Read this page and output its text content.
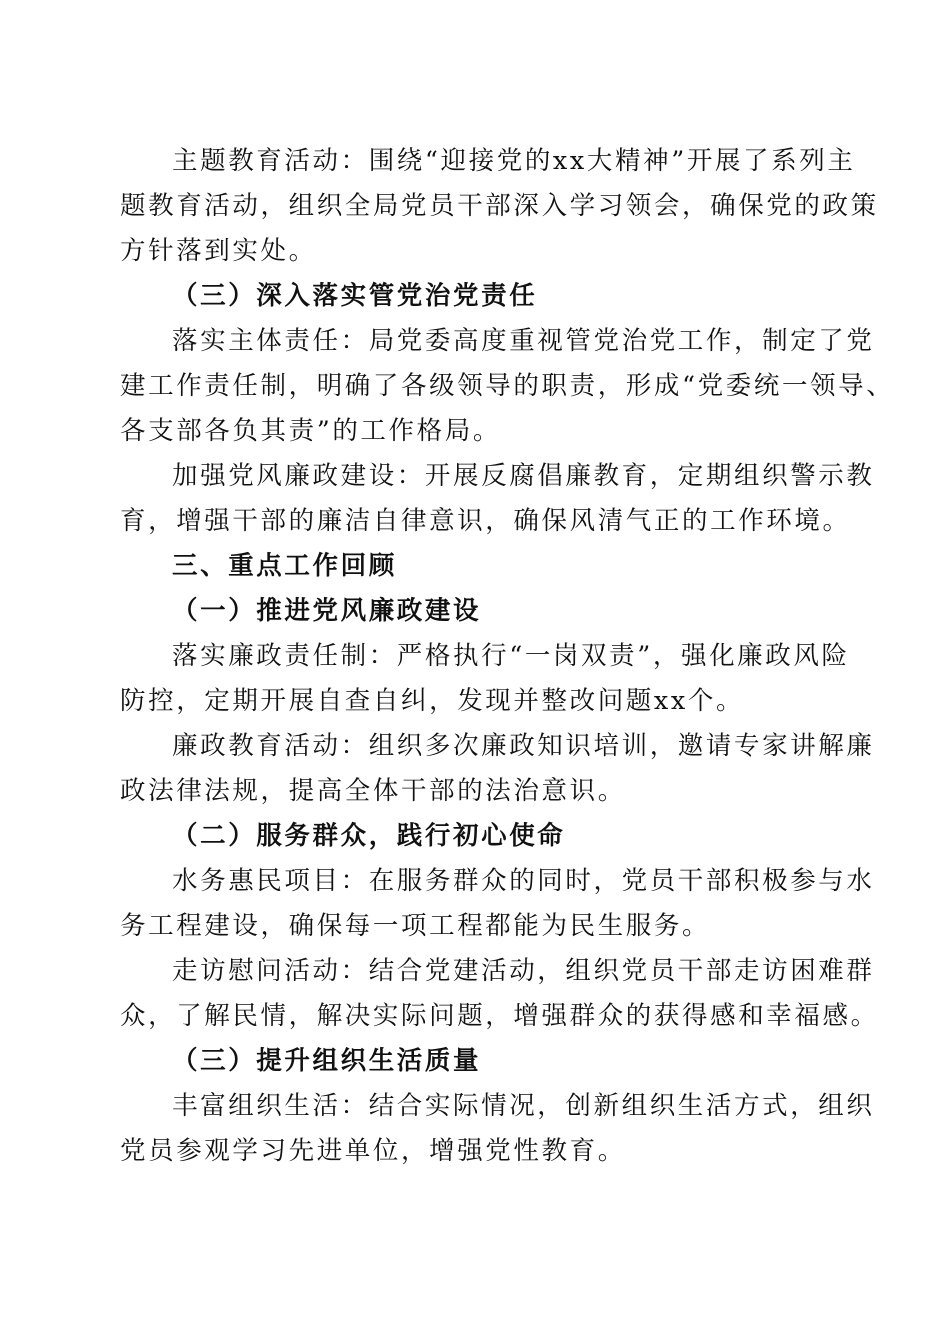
主题教育活动：围绕“迎接党的xx大精神”开展了系列主
题教育活动，组织全局党员干部深入学习领会，确保党的政策
方针落到实处。
（三）深入落实管党治党责任
落实主体责任：局党委高度重视管党治党工作，制定了党
建工作责任制，明确了各级领导的职责，形成“党委统一领导、
各支部各负其责”的工作格局。
加强党风廉政建设：开展反腐倡廉教育，定期组织警示教
育，增强干部的廉洁自律意识，确保风清气正的工作环境。
三、重点工作回顾
（一）推进党风廉政建设
落实廉政责任制：严格执行“一岗双责”，强化廉政风险
防控，定期开展自查自纠，发现并整改问题xx个。
廉政教育活动：组织多次廉政知识培训，邀请专家讲解廉
政法律法规，提高全体干部的法治意识。
（二）服务群众，践行初心使命
水务惠民项目：在服务群众的同时，党员干部积极参与水
务工程建设，确保每一项工程都能为民生服务。
走访慰问活动：结合党建活动，组织党员干部走访困难群
众，了解民情，解决实际问题，增强群众的获得感和幸福感。
（三）提升组织生活质量
丰富组织生活：结合实际情况，创新组织生活方式，组织
党员参观学习先进单位，增强党性教育。
